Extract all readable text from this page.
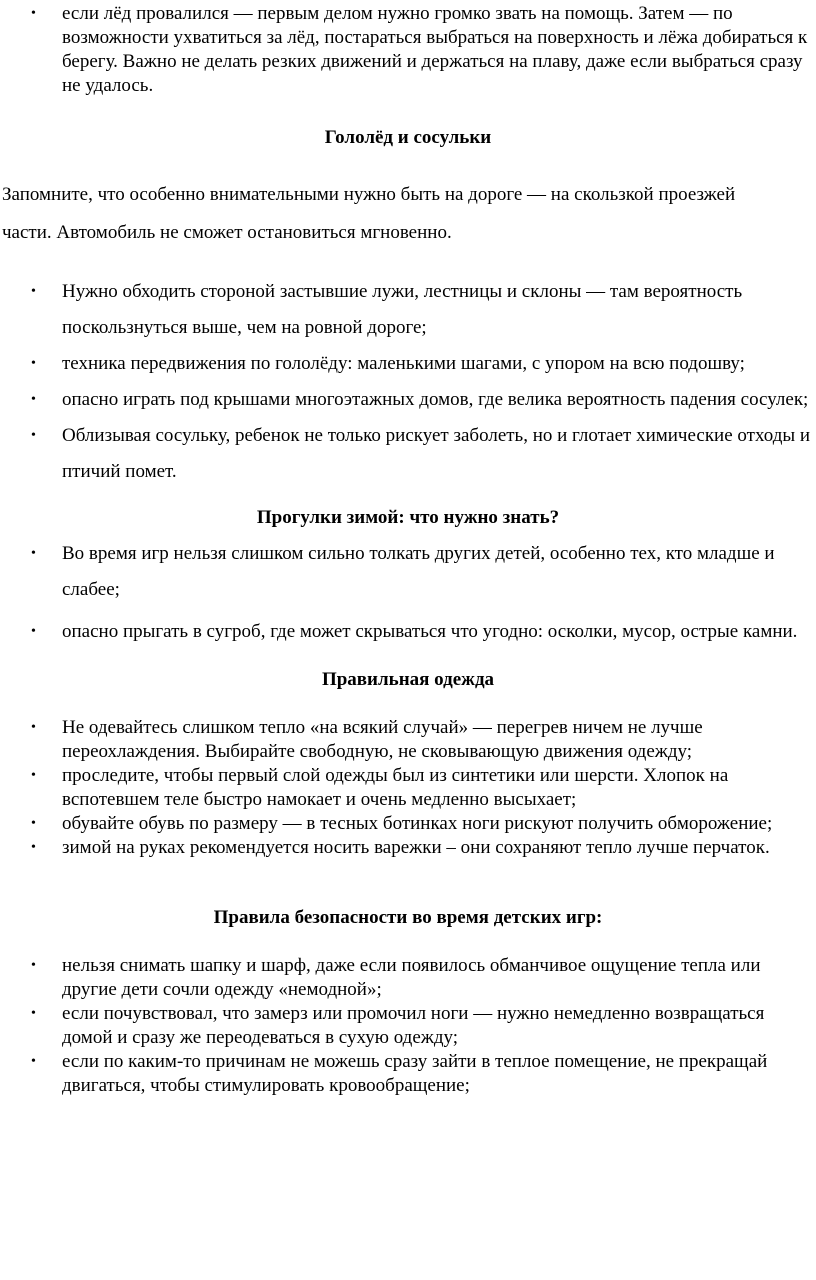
• если лёд провалился — первым делом нужно громко звать на помощь. Затем — по возможности ухватиться за лёд, постараться выбраться на поверхность и лёжа добираться к берегу. Важно не делать резких движений и держаться на плаву, даже если выбраться сразу не удалось.
Гололёд и сосульки

Запомните, что особенно внимательными нужно быть на дороге — на скользкой проезжей части. Автомобиль не сможет остановиться мгновенно.

• Нужно обходить стороной застывшие лужи, лестницы и склоны — там вероятность поскользнуться выше, чем на ровной дороге;
• техника передвижения по гололёду: маленькими шагами, с упором на всю подошву;
• опасно играть под крышами многоэтажных домов, где велика вероятность падения сосулек;
• Облизывая сосульку, ребенок не только рискует заболеть, но и глотает химические отходы и птичий помет.
Прогулки зимой: что нужно знать?
• Во время игр нельзя слишком сильно толкать других детей, особенно тех, кто младше и слабее;
• опасно прыгать в сугроб, где может скрываться что угодно: осколки, мусор, острые камни.
Правильная одежда
• Не одевайтесь слишком тепло «на всякий случай» — перегрев ничем не лучше переохлаждения. Выбирайте свободную, не сковывающую движения одежду;
• проследите, чтобы первый слой одежды был из синтетики или шерсти. Хлопок на вспотевшем теле быстро намокает и очень медленно высыхает;
• обувайте обувь по размеру — в тесных ботинках ноги рискуют получить обморожение;
• зимой на руках рекомендуется носить варежки – они сохраняют тепло лучше перчаток.
Правила безопасности во время детских игр:
• нельзя снимать шапку и шарф, даже если появилось обманчивое ощущение тепла или другие дети сочли одежду «немодной»;
• если почувствовал, что замерз или промочил ноги — нужно немедленно возвращаться домой и сразу же переодеваться в сухую одежду;
• если по каким-то причинам не можешь сразу зайти в теплое помещение, не прекращай двигаться, чтобы стимулировать кровообращение;
